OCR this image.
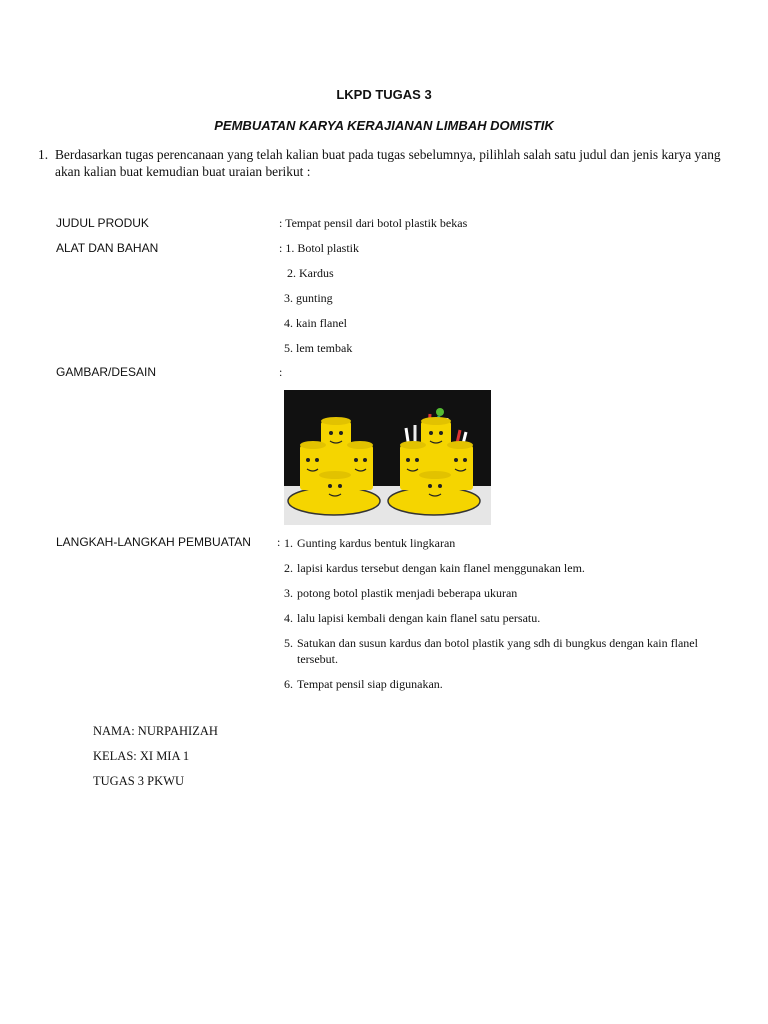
LKPD TUGAS 3
PEMBUATAN KARYA KERAJIANAN LIMBAH DOMISTIK
1. Berdasarkan tugas perencanaan yang telah kalian buat pada tugas sebelumnya, pilihlah salah satu judul dan jenis karya yang akan kalian buat kemudian buat uraian berikut :
JUDUL PRODUK	: Tempat pensil dari botol plastik bekas
ALAT DAN BAHAN	: 1. Botol plastik
2. Kardus
3. gunting
4. kain flanel
5. lem tembak
GAMBAR/DESAIN	:
LANGKAH-LANGKAH PEMBUATAN : 1. Gunting kardus bentuk lingkaran
2. lapisi kardus tersebut dengan kain flanel menggunakan lem.
3. potong botol plastik menjadi beberapa ukuran
4. lalu lapisi kembali dengan kain flanel satu persatu.
5. Satukan dan susun kardus dan botol plastik yang sdh di bungkus dengan kain flanel tersebut.
6. Tempat pensil siap digunakan.
NAMA: NURPAHIZAH
KELAS: XI MIA 1
TUGAS 3 PKWU
